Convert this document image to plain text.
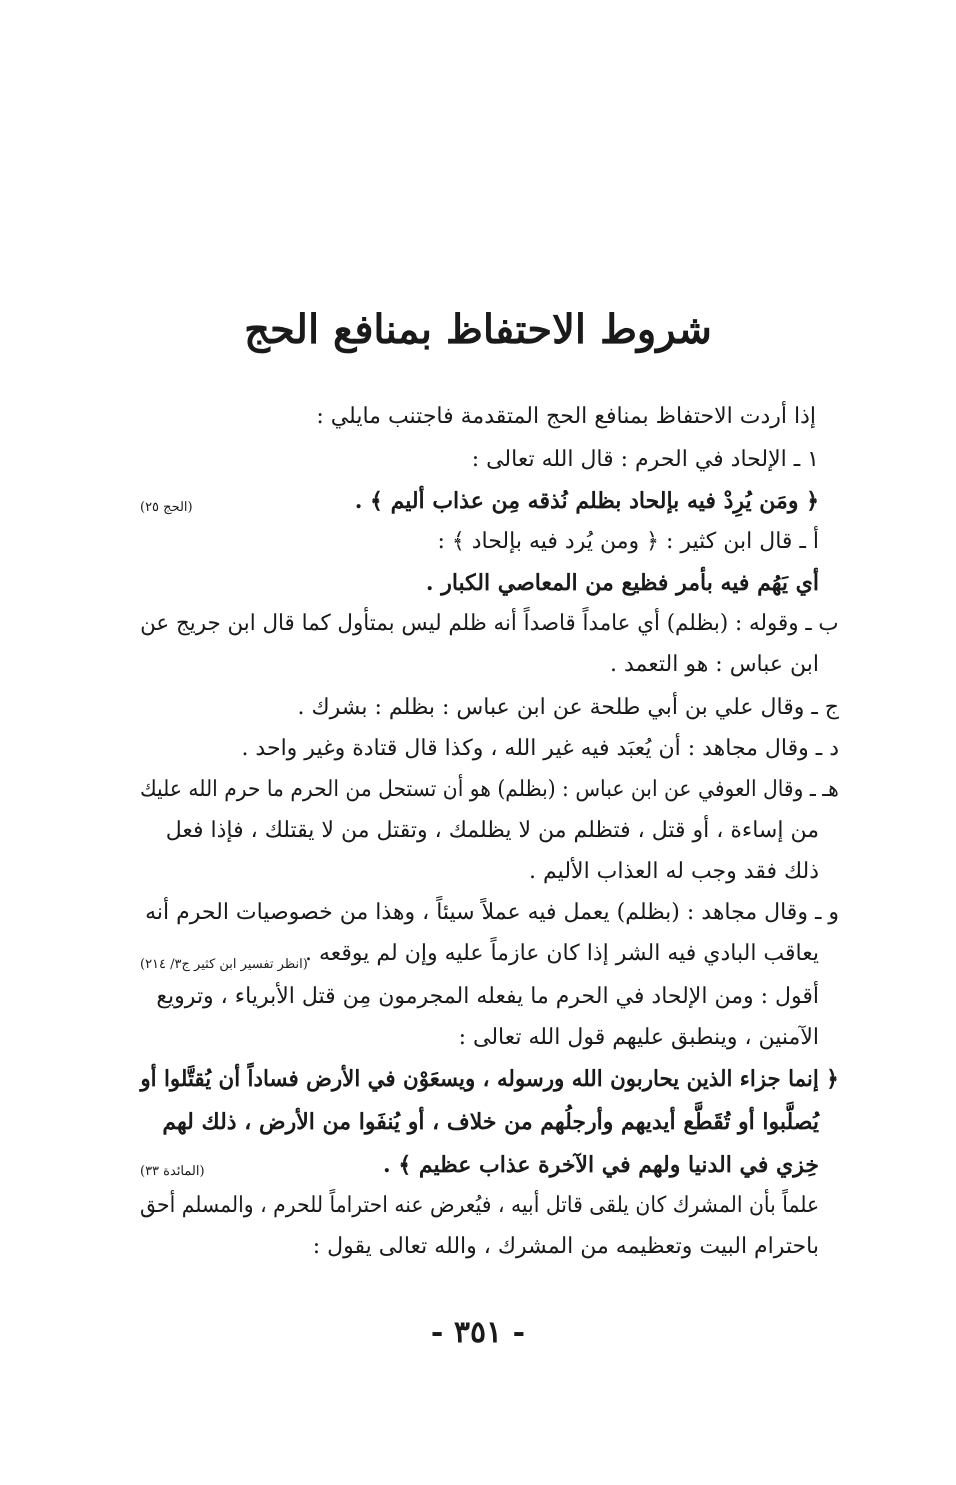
شروط الاحتفاظ بمنافع الحج
إذا أردت الاحتفاظ بمنافع الحج المتقدمة فاجتنب مايلي :
١ ـ الإلحاد في الحرم : قال الله تعالى :
﴿ ومَن يُرِدْ فيه بإلحاد بظلم نُذقه مِن عذاب أليم ﴾ .
(الحج ٢٥)
أ ـ قال ابن كثير : ﴿ ومن يُرد فيه بإلحاد ﴾ :
أي يَهُم فيه بأمر فظيع من المعاصي الكبار .
ب ـ وقوله : (بظلم) أي عامداً قاصداً أنه ظلم ليس بمتأول كما قال ابن جريج عن
ابن عباس : هو التعمد .
ج ـ وقال علي بن أبي طلحة عن ابن عباس : بظلم : بشرك .
د ـ وقال مجاهد : أن يُعبَد فيه غير الله ، وكذا قال قتادة وغير واحد .
هـ ـ وقال العوفي عن ابن عباس : (بظلم) هو أن تستحل من الحرم ما حرم الله عليك
من إساءة ، أو قتل ، فتظلم من لا يظلمك ، وتقتل من لا يقتلك ، فإذا فعل
ذلك فقد وجب له العذاب الأليم .
و ـ وقال مجاهد : (بظلم) يعمل فيه عملاً سيئاً ، وهذا من خصوصيات الحرم أنه
يعاقب البادي فيه الشر إذا كان عازماً عليه وإن لم يوقعه .
(انظر تفسير ابن كثير ج٣/ ٢١٤)
أقول : ومن الإلحاد في الحرم ما يفعله المجرمون مِن قتل الأبرياء ، وترويع
الآمنين ، وينطبق عليهم قول الله تعالى :
﴿ إنما جزاء الذين يحاربون الله ورسوله ، ويسعَوْن في الأرض فساداً أن يُقتَّلوا أو
يُصلَّبوا أو تُقَطَّع أيديهم وأرجلُهم من خلاف ، أو يُنفَوا من الأرض ، ذلك لهم
خِزي في الدنيا ولهم في الآخرة عذاب عظيم ﴾ .
(المائدة ٣٣)
علماً بأن المشرك كان يلقى قاتل أبيه ، فيُعرض عنه احتراماً للحرم ، والمسلم أحق
باحترام البيت وتعظيمه من المشرك ، والله تعالى يقول :
- ٣٥١ -
